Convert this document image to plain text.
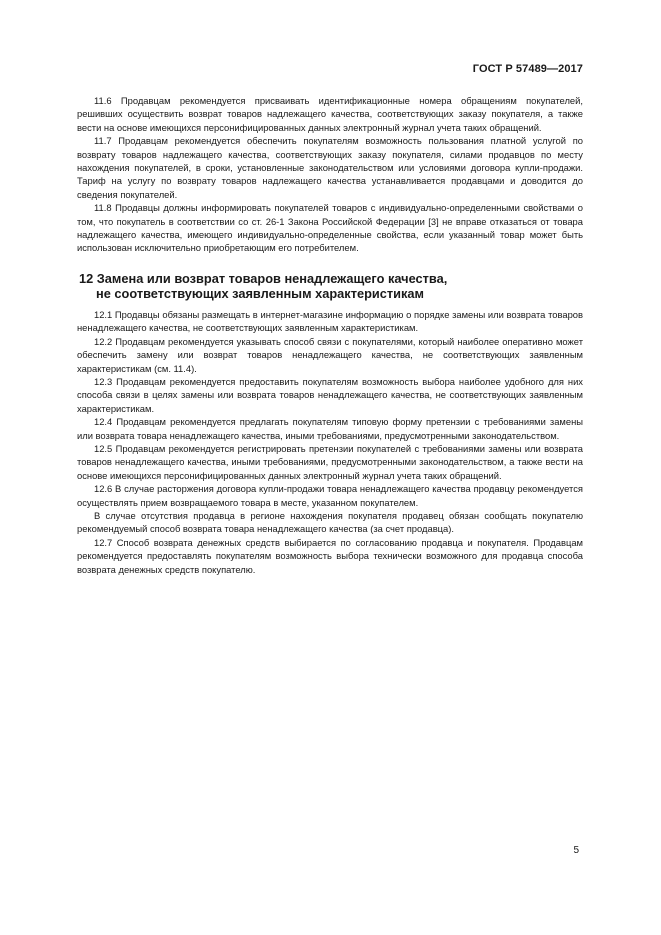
ГОСТ Р 57489—2017

11.6 Продавцам рекомендуется присваивать идентификационные номера обращениям покупателей, решивших осуществить возврат товаров надлежащего качества, соответствующих заказу покупателя, а также вести на основе имеющихся персонифицированных данных электронный журнал учета таких обращений.

11.7 Продавцам рекомендуется обеспечить покупателям возможность пользования платной услугой по возврату товаров надлежащего качества, соответствующих заказу покупателя, силами продавцов по месту нахождения покупателей, в сроки, установленные законодательством или условиями договора купли-продажи. Тариф на услугу по возврату товаров надлежащего качества устанавливается продавцами и доводится до сведения покупателей.

11.8 Продавцы должны информировать покупателей товаров с индивидуально-определенными свойствами о том, что покупатель в соответствии со ст. 26-1 Закона Российской Федерации [3] не вправе отказаться от товара надлежащего качества, имеющего индивидуально-определенные свойства, если указанный товар может быть использован исключительно приобретающим его потребителем.

12 Замена или возврат товаров ненадлежащего качества,
не соответствующих заявленным характеристикам

12.1 Продавцы обязаны размещать в интернет-магазине информацию о порядке замены или возврата товаров ненадлежащего качества, не соответствующих заявленным характеристикам.

12.2 Продавцам рекомендуется указывать способ связи с покупателями, который наиболее оперативно может обеспечить замену или возврат товаров ненадлежащего качества, не соответствующих заявленным характеристикам (см. 11.4).

12.3 Продавцам рекомендуется предоставить покупателям возможность выбора наиболее удобного для них способа связи в целях замены или возврата товаров ненадлежащего качества, не соответствующих заявленным характеристикам.

12.4 Продавцам рекомендуется предлагать покупателям типовую форму претензии с требованиями замены или возврата товара ненадлежащего качества, иными требованиями, предусмотренными законодательством.

12.5 Продавцам рекомендуется регистрировать претензии покупателей с требованиями замены или возврата товаров ненадлежащего качества, иными требованиями, предусмотренными законодательством, а также вести на основе имеющихся персонифицированных данных электронный журнал учета таких обращений.

12.6 В случае расторжения договора купли-продажи товара ненадлежащего качества продавцу рекомендуется осуществлять прием возвращаемого товара в месте, указанном покупателем.

В случае отсутствия продавца в регионе нахождения покупателя продавец обязан сообщать покупателю рекомендуемый способ возврата товара ненадлежащего качества (за счет продавца).

12.7 Способ возврата денежных средств выбирается по согласованию продавца и покупателя. Продавцам рекомендуется предоставлять покупателям возможность выбора технически возможного для продавца способа возврата денежных средств покупателю.

5
